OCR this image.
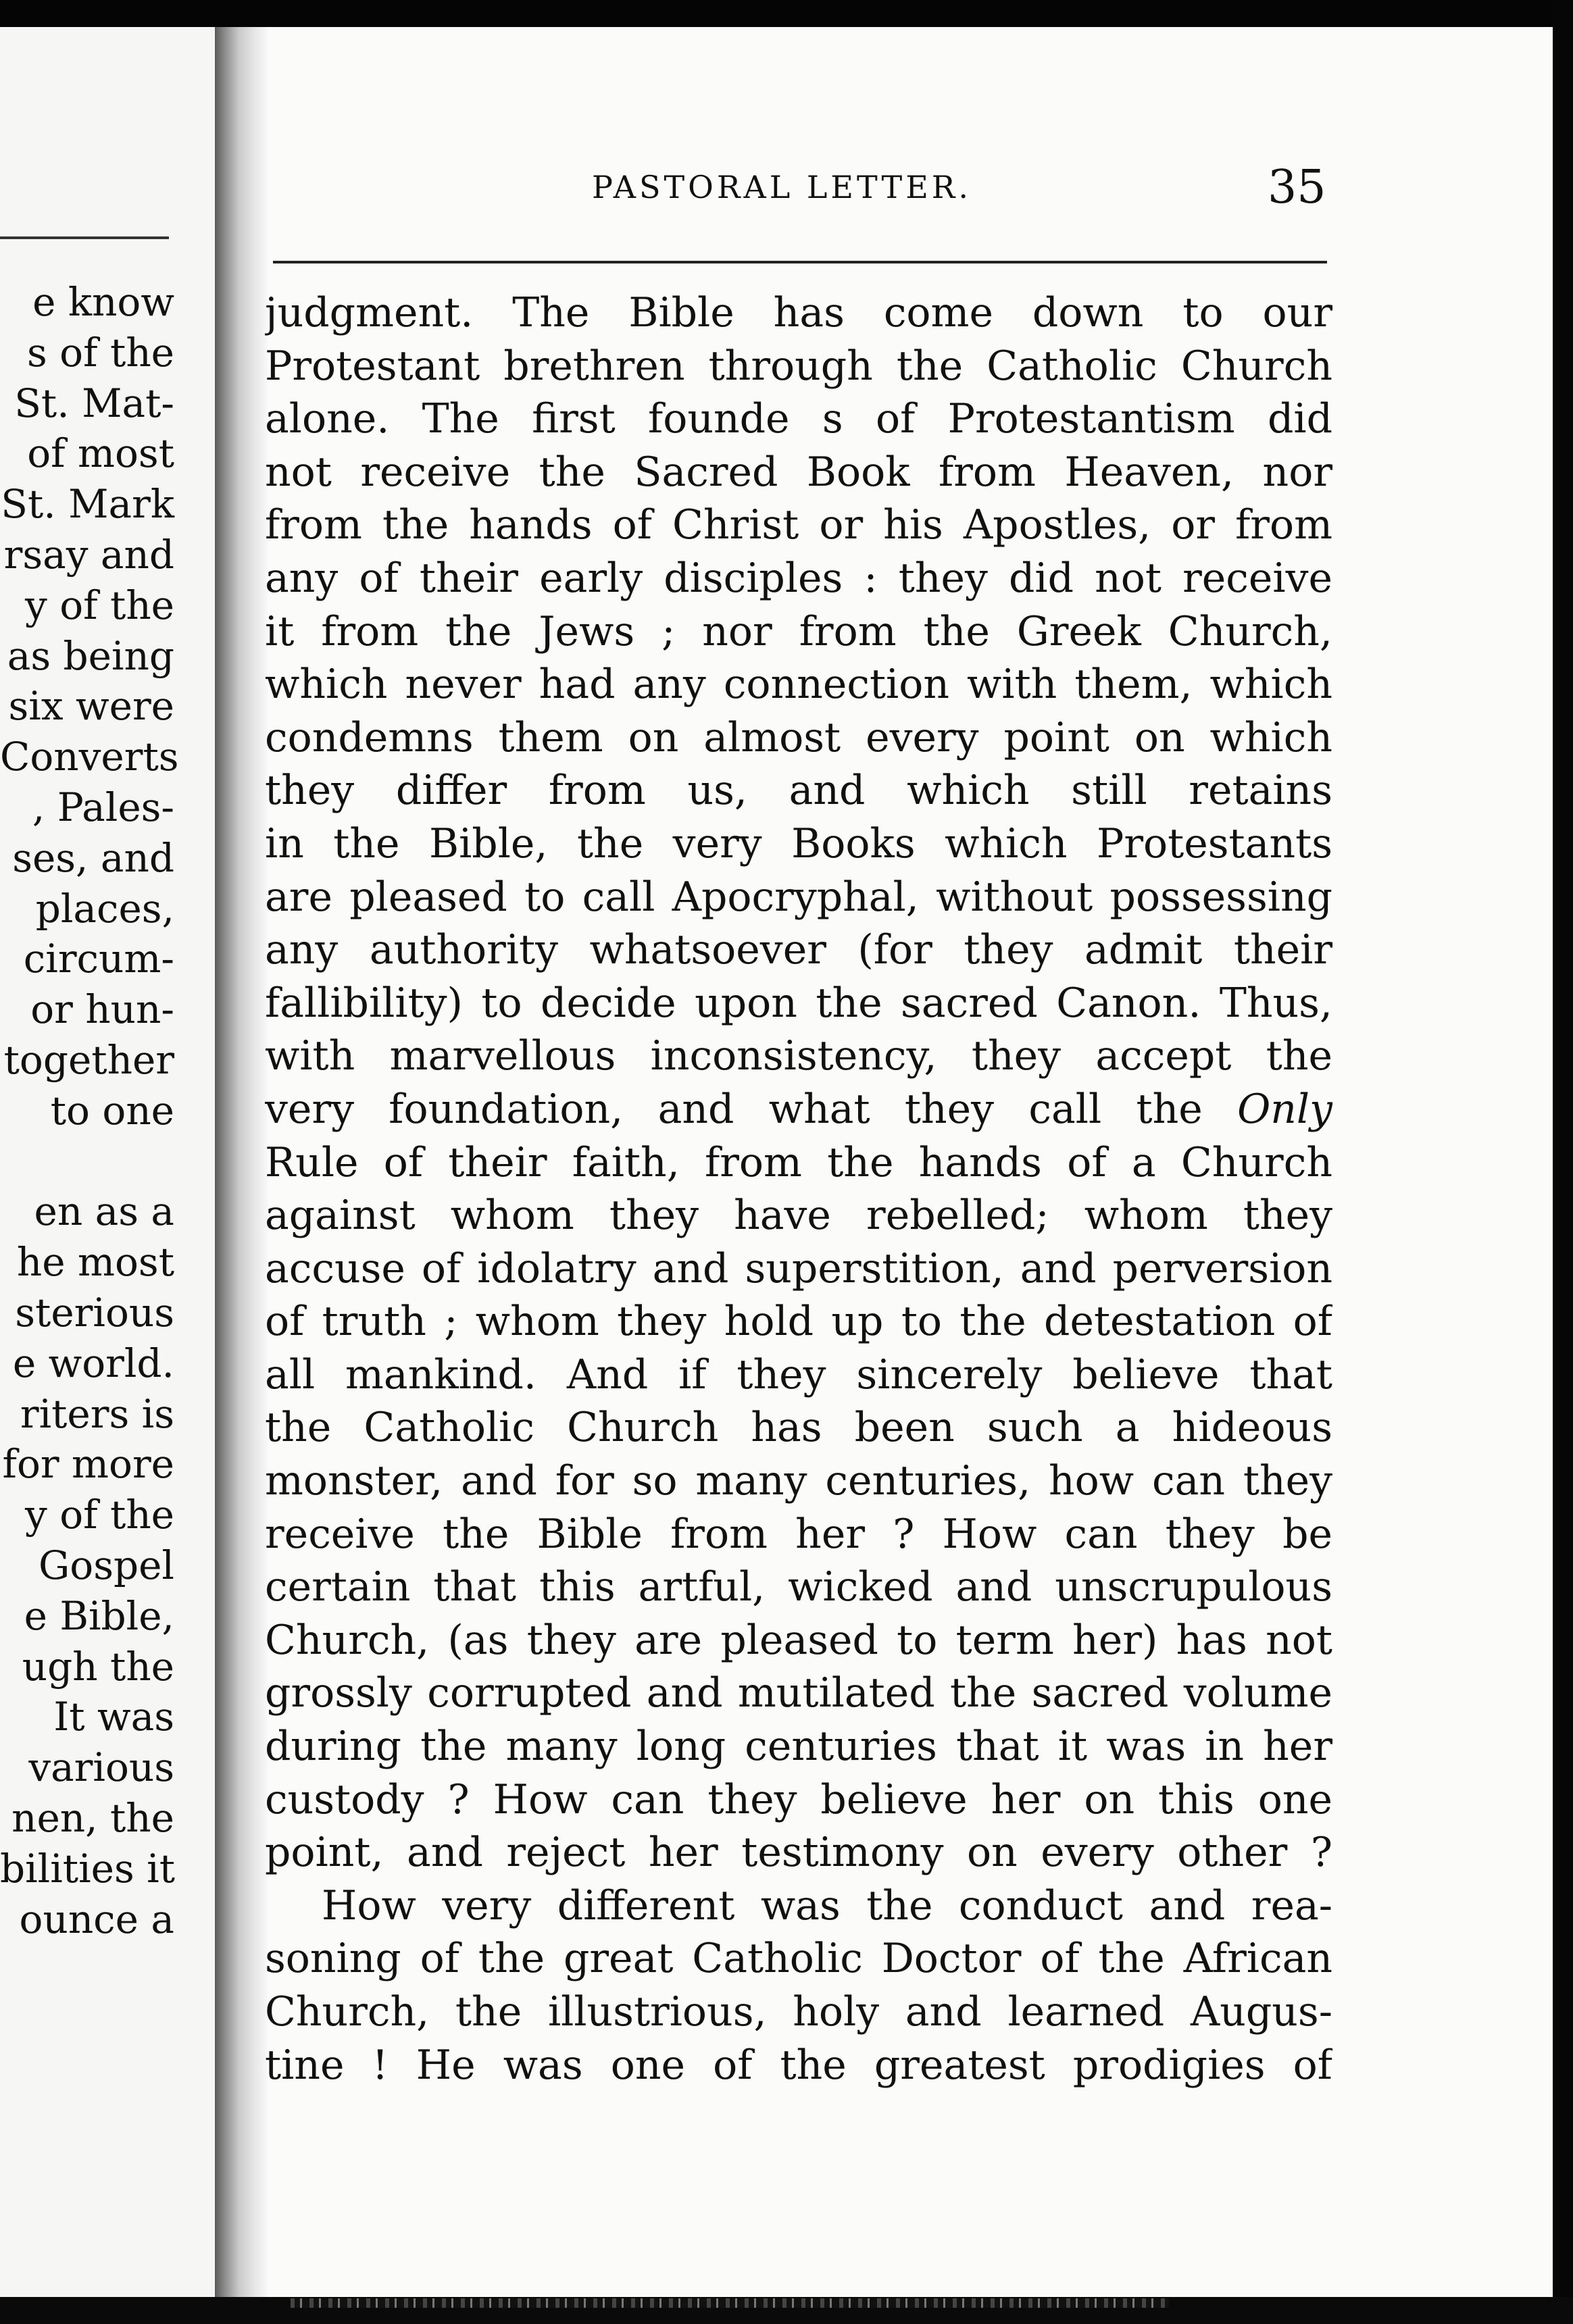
e know
s of the
St. Mat-
of most
St. Mark
rsay and
y of the
as being
six were
Converts
, Pales-
ses, and
places,
circum-
or hun-
together
to one
en as a
he most
sterious
e world.
riters is
for more
y of the
Gospel
e Bible,
ugh the
It was
various
nen, the
bilities it
ounce a
PASTORAL LETTER.	35
judgment. The Bible has come down to our
Protestant brethren through the Catholic Church
alone. The first founde s of Protestantism did
not receive the Sacred Book from Heaven, nor
from the hands of Christ or his Apostles, or from
any of their early disciples : they did not receive
it from the Jews ; nor from the Greek Church,
which never had any connection with them, which
condemns them on almost every point on which
they differ from us, and which still retains
in the Bible, the very Books which Protestants
are pleased to call Apocryphal, without possessing
any authority whatsoever (for they admit their
fallibility) to decide upon the sacred Canon. Thus,
with marvellous inconsistency, they accept the
very foundation, and what they call the Only
Rule of their faith, from the hands of a Church
against whom they have rebelled; whom they
accuse of idolatry and superstition, and perversion
of truth ; whom they hold up to the detestation of
all mankind. And if they sincerely believe that
the Catholic Church has been such a hideous
monster, and for so many centuries, how can they
receive the Bible from her ? How can they be
certain that this artful, wicked and unscrupulous
Church, (as they are pleased to term her) has not
grossly corrupted and mutilated the sacred volume
during the many long centuries that it was in her
custody ? How can they believe her on this one
point, and reject her testimony on every other ?
How very different was the conduct and rea-
soning of the great Catholic Doctor of the African
Church, the illustrious, holy and learned Augus-
tine ! He was one of the greatest prodigies of
